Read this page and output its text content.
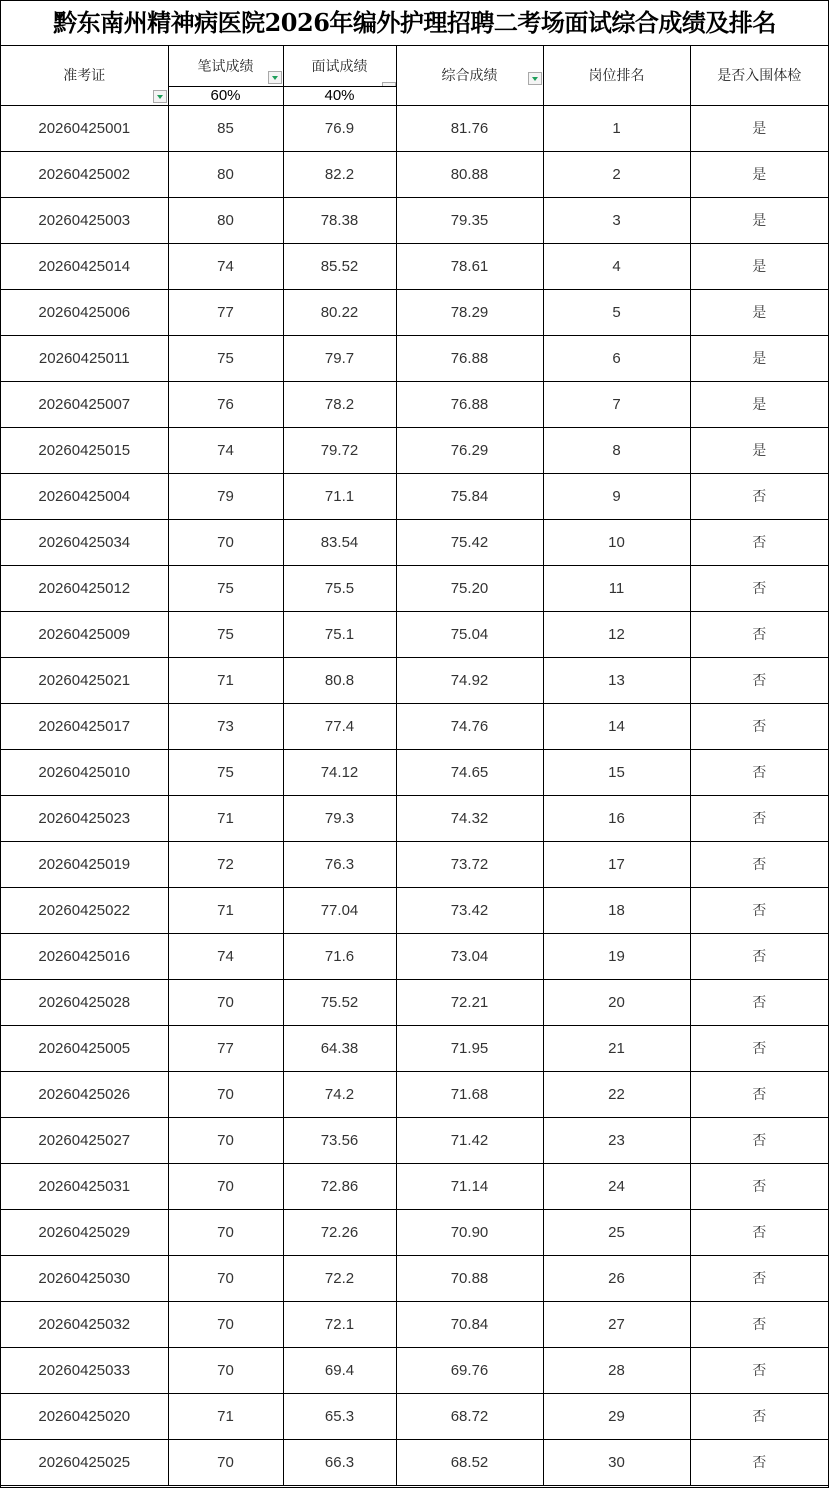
黔东南州精神病医院2026年编外护理招聘二考场面试综合成绩及排名
准考证	笔试成绩	面试成绩	综合成绩	岗位排名	是否入围体检

	60%	40%			
20260425001	85	76.9	81.76	1	是
20260425002	80	82.2	80.88	2	是
20260425003	80	78.38	79.35	3	是
20260425014	74	85.52	78.61	4	是
20260425006	77	80.22	78.29	5	是
20260425011	75	79.7	76.88	6	是
20260425007	76	78.2	76.88	7	是
20260425015	74	79.72	76.29	8	是
20260425004	79	71.1	75.84	9	否
20260425034	70	83.54	75.42	10	否
20260425012	75	75.5	75.20	11	否
20260425009	75	75.1	75.04	12	否
20260425021	71	80.8	74.92	13	否
20260425017	73	77.4	74.76	14	否
20260425010	75	74.12	74.65	15	否
20260425023	71	79.3	74.32	16	否
20260425019	72	76.3	73.72	17	否
20260425022	71	77.04	73.42	18	否
20260425016	74	71.6	73.04	19	否
20260425028	70	75.52	72.21	20	否
20260425005	77	64.38	71.95	21	否
20260425026	70	74.2	71.68	22	否
20260425027	70	73.56	71.42	23	否
20260425031	70	72.86	71.14	24	否
20260425029	70	72.26	70.90	25	否
20260425030	70	72.2	70.88	26	否
20260425032	70	72.1	70.84	27	否
20260425033	70	69.4	69.76	28	否
20260425020	71	65.3	68.72	29	否
20260425025	70	66.3	68.52	30	否
